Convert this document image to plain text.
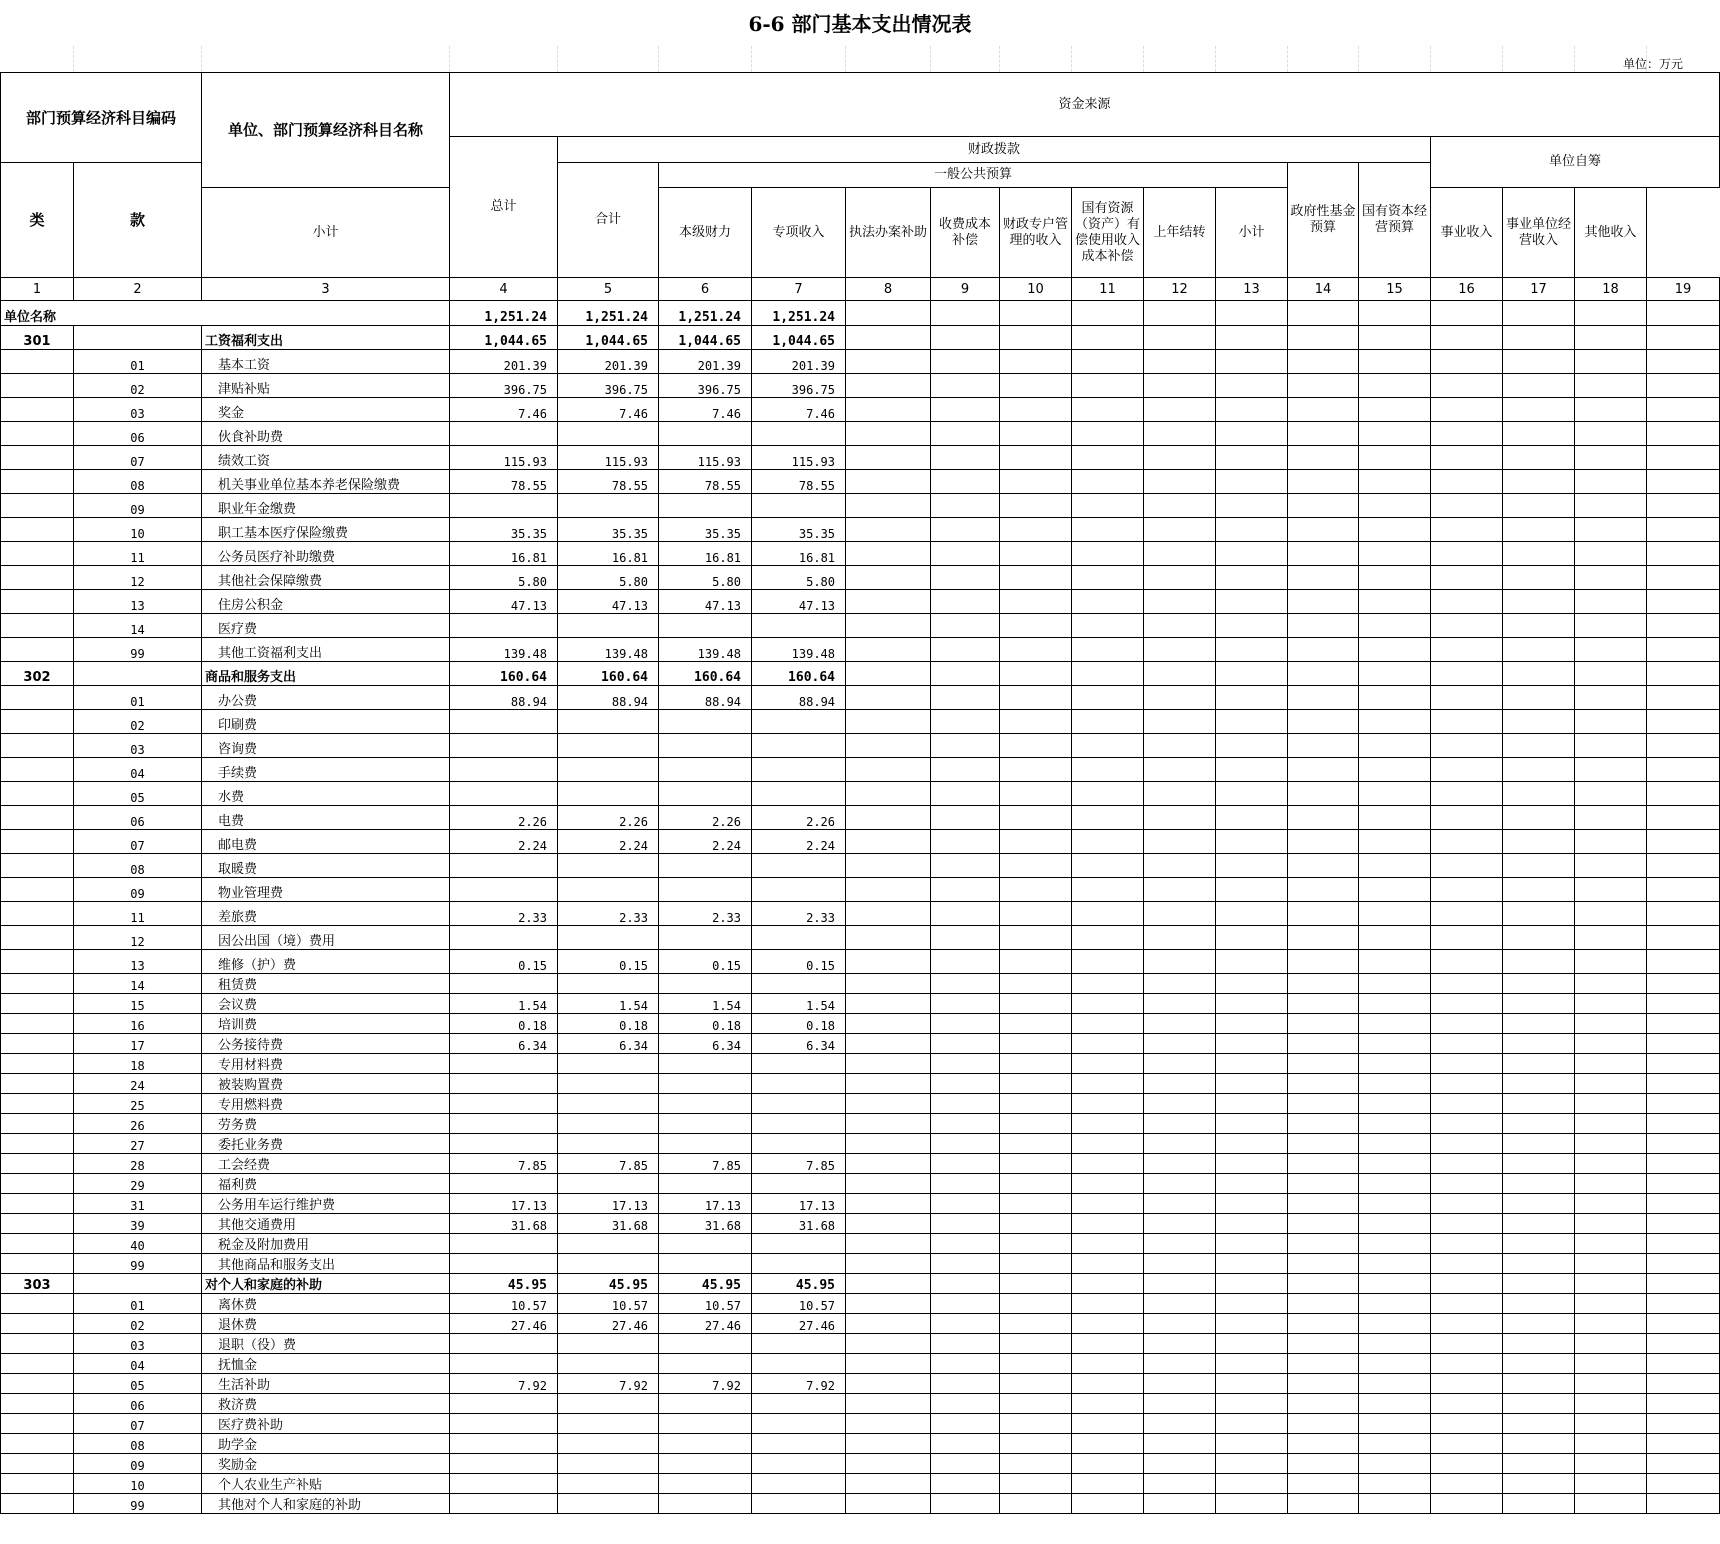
6-6 部门基本支出情况表
单位：万元
部门预算经济科目编码		单位、部门预算经济科目名称	资金来源															
			总计	财政拨款											单位自筹			
类	款			合计	一般公共预算								政府性基金预算	国有资本经营预算				
		小计			本级财力	专项收入	执法办案补助	收费成本补偿	财政专户管理的收入	国有资源（资产）有偿使用收入成本补偿	上年结转	小计			事业收入	事业单位经营收入	其他收入	
1	2	3	4	5	6	7	8	9	10	11	12	13	14	15	16	17	18	19
单位名称			1,251.24	1,251.24	1,251.24	1,251.24												
301		工资福利支出	1,044.65	1,044.65	1,044.65	1,044.65												
	01	基本工资	201.39	201.39	201.39	201.39												
	02	津贴补贴	396.75	396.75	396.75	396.75												
	03	奖金	7.46	7.46	7.46	7.46												
	06	伙食补助费																
	07	绩效工资	115.93	115.93	115.93	115.93												
	08	机关事业单位基本养老保险缴费	78.55	78.55	78.55	78.55												
	09	职业年金缴费																
	10	职工基本医疗保险缴费	35.35	35.35	35.35	35.35												
	11	公务员医疗补助缴费	16.81	16.81	16.81	16.81												
	12	其他社会保障缴费	5.80	5.80	5.80	5.80												
	13	住房公积金	47.13	47.13	47.13	47.13												
	14	医疗费																
	99	其他工资福利支出	139.48	139.48	139.48	139.48												
302		商品和服务支出	160.64	160.64	160.64	160.64												
	01	办公费	88.94	88.94	88.94	88.94												
	02	印刷费																
	03	咨询费																
	04	手续费																
	05	水费																
	06	电费	2.26	2.26	2.26	2.26												
	07	邮电费	2.24	2.24	2.24	2.24												
	08	取暖费																
	09	物业管理费																
	11	差旅费	2.33	2.33	2.33	2.33												
	12	因公出国（境）费用																
	13	维修（护）费	0.15	0.15	0.15	0.15												
	14	租赁费																
	15	会议费	1.54	1.54	1.54	1.54												
	16	培训费	0.18	0.18	0.18	0.18												
	17	公务接待费	6.34	6.34	6.34	6.34												
	18	专用材料费																
	24	被装购置费																
	25	专用燃料费																
	26	劳务费																
	27	委托业务费																
	28	工会经费	7.85	7.85	7.85	7.85												
	29	福利费																
	31	公务用车运行维护费	17.13	17.13	17.13	17.13												
	39	其他交通费用	31.68	31.68	31.68	31.68												
	40	税金及附加费用																
	99	其他商品和服务支出																
303		对个人和家庭的补助	45.95	45.95	45.95	45.95												
	01	离休费	10.57	10.57	10.57	10.57												
	02	退休费	27.46	27.46	27.46	27.46												
	03	退职（役）费																
	04	抚恤金																
	05	生活补助	7.92	7.92	7.92	7.92												
	06	救济费																
	07	医疗费补助																
	08	助学金																
	09	奖励金																
	10	个人农业生产补贴																
	99	其他对个人和家庭的补助																
